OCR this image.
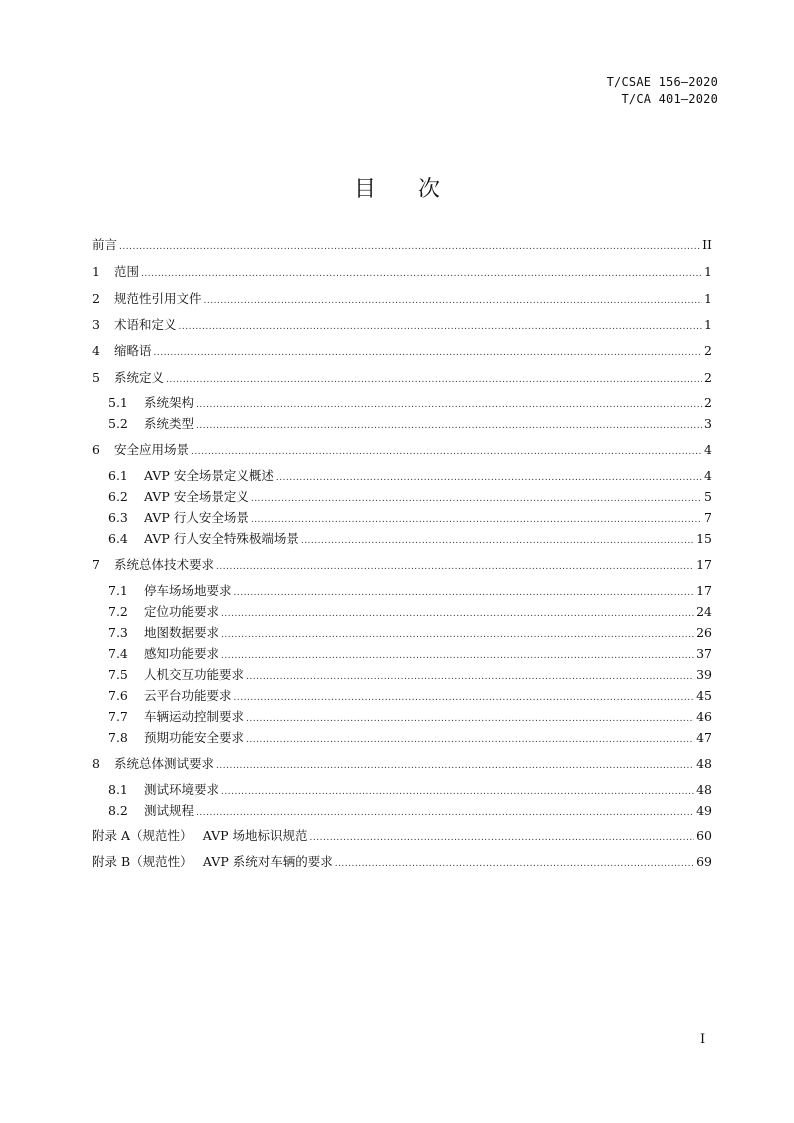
T/CSAE 156—2020
T/CA 401—2020
目 次
前言 .....	II
1	范围 .....	1
2	规范性引用文件 .....	1
3	术语和定义 .....	1
4	缩略语 .....	2
5	系统定义 .....	2
5.1	系统架构 .....	2
5.2	系统类型 .....	3
6	安全应用场景 .....	4
6.1	AVP 安全场景定义概述 .....	4
6.2	AVP 安全场景定义 .....	5
6.3	AVP 行人安全场景 .....	7
6.4	AVP 行人安全特殊极端场景 .....	15
7	系统总体技术要求 .....	17
7.1	停车场场地要求 .....	17
7.2	定位功能要求 .....	24
7.3	地图数据要求 .....	26
7.4	感知功能要求 .....	37
7.5	人机交互功能要求 .....	39
7.6	云平台功能要求 .....	45
7.7	车辆运动控制要求 .....	46
7.8	预期功能安全要求 .....	47
8	系统总体测试要求 .....	48
8.1	测试环境要求 .....	48
8.2	测试规程 .....	49
附录 A（规范性）　 AVP 场地标识规范 .....	60
附录 B（规范性）　 AVP 系统对车辆的要求 .....	69
I
